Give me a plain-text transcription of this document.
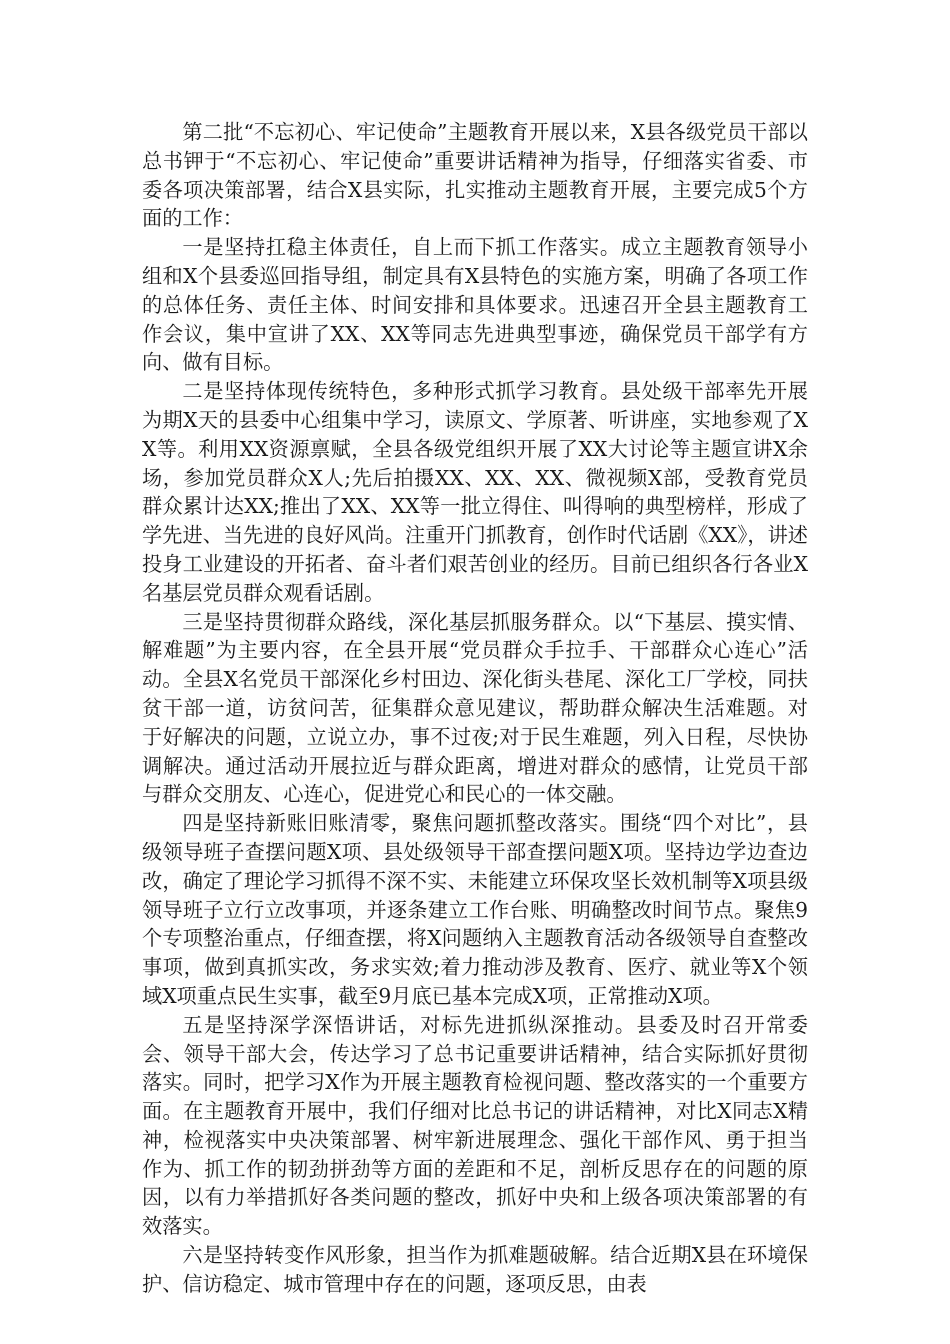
第二批“不忘初心、牢记使命”主题教育开展以来，X县各级党员干部以总书钾于“不忘初心、牢记使命”重要讲话精神为指导，仔细落实省委、市委各项决策部署，结合X县实际，扎实推动主题教育开展，主要完成5个方面的工作：

一是坚持扛稳主体责任，自上而下抓工作落实。成立主题教育领导小组和X个县委巡回指导组，制定具有X县特色的实施方案，明确了各项工作的总体任务、责任主体、时间安排和具体要求。迅速召开全县主题教育工作会议，集中宣讲了XX、XX等同志先进典型事迹，确保党员干部学有方向、做有目标。

二是坚持体现传统特色，多种形式抓学习教育。县处级干部率先开展为期X天的县委中心组集中学习，读原文、学原著、听讲座，实地参观了XX等。利用XX资源禀赋，全县各级党组织开展了XX大讨论等主题宣讲X余场，参加党员群众X人;先后拍摄XX、XX、XX、微视频X部，受教育党员群众累计达XX;推出了XX、XX等一批立得住、叫得响的典型榜样，形成了学先进、当先进的良好风尚。注重开门抓教育，创作时代话剧《XX》，讲述投身工业建设的开拓者、奋斗者们艰苦创业的经历。目前已组织各行各业X名基层党员群众观看话剧。

三是坚持贯彻群众路线，深化基层抓服务群众。以“下基层、摸实情、解难题”为主要内容，在全县开展“党员群众手拉手、干部群众心连心”活动。全县X名党员干部深化乡村田边、深化街头巷尾、深化工厂学校，同扶贫干部一道，访贫问苦，征集群众意见建议，帮助群众解决生活难题。对于好解决的问题，立说立办，事不过夜;对于民生难题，列入日程，尽快协调解决。通过活动开展拉近与群众距离，增进对群众的感情，让党员干部与群众交朋友、心连心，促进党心和民心的一体交融。

四是坚持新账旧账清零，聚焦问题抓整改落实。围绕“四个对比”，县级领导班子查摆问题X项、县处级领导干部查摆问题X项。坚持边学边查边改，确定了理论学习抓得不深不实、未能建立环保攻坚长效机制等X项县级领导班子立行立改事项，并逐条建立工作台账、明确整改时间节点。聚焦9个专项整治重点，仔细查摆，将X问题纳入主题教育活动各级领导自查整改事项，做到真抓实改，务求实效;着力推动涉及教育、医疗、就业等X个领域X项重点民生实事，截至9月底已基本完成X项，正常推动X项。

五是坚持深学深悟讲话，对标先进抓纵深推动。县委及时召开常委会、领导干部大会，传达学习了总书记重要讲话精神，结合实际抓好贯彻落实。同时，把学习X作为开展主题教育检视问题、整改落实的一个重要方面。在主题教育开展中，我们仔细对比总书记的讲话精神，对比X同志X精神，检视落实中央决策部署、树牢新进展理念、强化干部作风、勇于担当作为、抓工作的韧劲拼劲等方面的差距和不足，剖析反思存在的问题的原因，以有力举措抓好各类问题的整改，抓好中央和上级各项决策部署的有效落实。

六是坚持转变作风形象，担当作为抓难题破解。结合近期X县在环境保护、信访稳定、城市管理中存在的问题，逐项反思，由表
